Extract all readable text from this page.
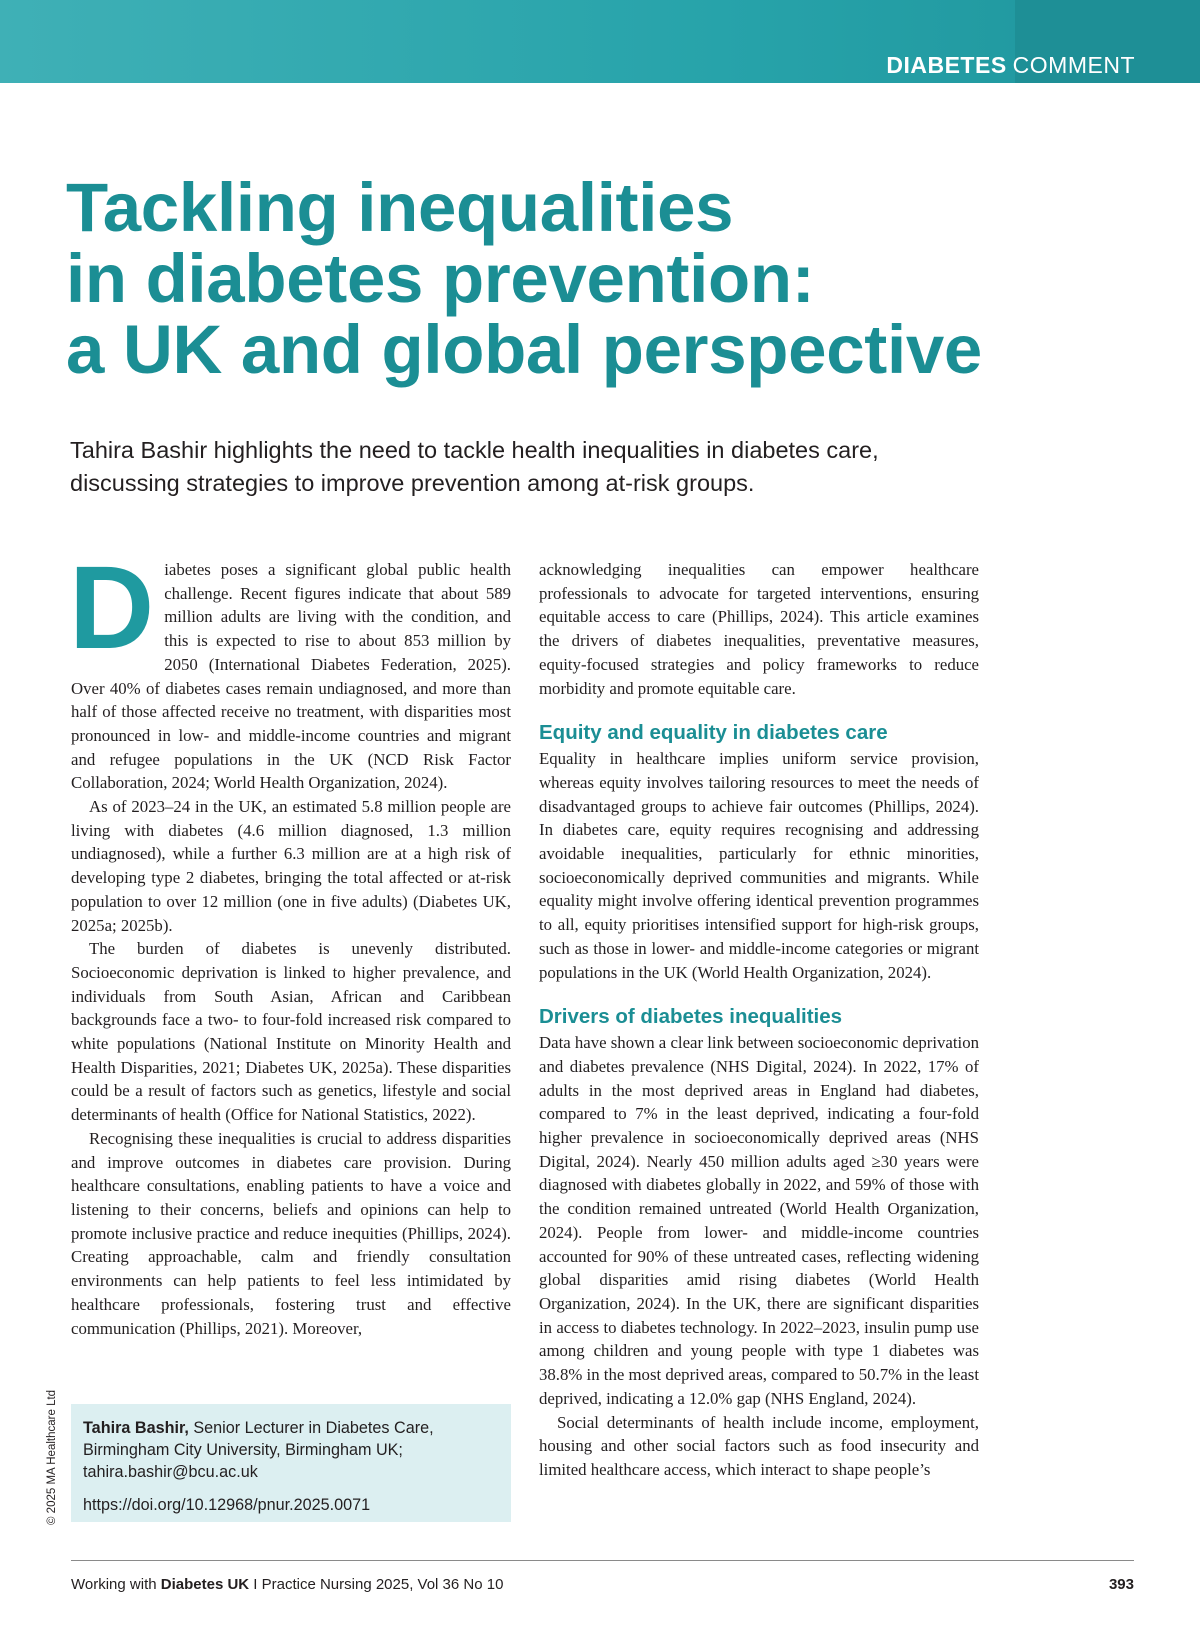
DIABETES COMMENT
Tackling inequalities
in diabetes prevention:
a UK and global perspective

Tahira Bashir highlights the need to tackle health inequalities in diabetes care, discussing strategies to improve prevention among at-risk groups.

Diabetes poses a significant global public health challenge. Recent figures indicate that about 589 million adults are living with the condition, and this is expected to rise to about 853 million by 2050 (International Diabetes Federation, 2025). Over 40% of diabetes cases remain undiagnosed, and more than half of those affected receive no treatment, with disparities most pronounced in low- and middle-income countries and migrant and refugee populations in the UK (NCD Risk Factor Collaboration, 2024; World Health Organization, 2024).

As of 2023–24 in the UK, an estimated 5.8 million people are living with diabetes (4.6 million diagnosed, 1.3 million undiagnosed), while a further 6.3 million are at a high risk of developing type 2 diabetes, bringing the total affected or at-risk population to over 12 million (one in five adults) (Diabetes UK, 2025a; 2025b).

The burden of diabetes is unevenly distributed. Socioeconomic deprivation is linked to higher prevalence, and individuals from South Asian, African and Caribbean backgrounds face a two- to four-fold increased risk compared to white populations (National Institute on Minority Health and Health Disparities, 2021; Diabetes UK, 2025a). These disparities could be a result of factors such as genetics, lifestyle and social determinants of health (Office for National Statistics, 2022).

Recognising these inequalities is crucial to address disparities and improve outcomes in diabetes care provision. During healthcare consultations, enabling patients to have a voice and listening to their concerns, beliefs and opinions can help to promote inclusive practice and reduce inequities (Phillips, 2024). Creating approachable, calm and friendly consultation environments can help patients to feel less intimidated by healthcare professionals, fostering trust and effective communication (Phillips, 2021). Moreover,

acknowledging inequalities can empower healthcare professionals to advocate for targeted interventions, ensuring equitable access to care (Phillips, 2024). This article examines the drivers of diabetes inequalities, preventative measures, equity-focused strategies and policy frameworks to reduce morbidity and promote equitable care.

Equity and equality in diabetes care

Equality in healthcare implies uniform service provision, whereas equity involves tailoring resources to meet the needs of disadvantaged groups to achieve fair outcomes (Phillips, 2024). In diabetes care, equity requires recognising and addressing avoidable inequalities, particularly for ethnic minorities, socioeconomically deprived communities and migrants. While equality might involve offering identical prevention programmes to all, equity prioritises intensified support for high-risk groups, such as those in lower- and middle-income categories or migrant populations in the UK (World Health Organization, 2024).

Drivers of diabetes inequalities

Data have shown a clear link between socioeconomic deprivation and diabetes prevalence (NHS Digital, 2024). In 2022, 17% of adults in the most deprived areas in England had diabetes, compared to 7% in the least deprived, indicating a four-fold higher prevalence in socioeconomically deprived areas (NHS Digital, 2024). Nearly 450 million adults aged ≥30 years were diagnosed with diabetes globally in 2022, and 59% of those with the condition remained untreated (World Health Organization, 2024). People from lower- and middle-income countries accounted for 90% of these untreated cases, reflecting widening global disparities amid rising diabetes (World Health Organization, 2024). In the UK, there are significant disparities in access to diabetes technology. In 2022–2023, insulin pump use among children and young people with type 1 diabetes was 38.8% in the most deprived areas, compared to 50.7% in the least deprived, indicating a 12.0% gap (NHS England, 2024).

Social determinants of health include income, employment, housing and other social factors such as food insecurity and limited healthcare access, which interact to shape people’s

Tahira Bashir, Senior Lecturer in Diabetes Care, Birmingham City University, Birmingham UK; tahira.bashir@bcu.ac.uk
https://doi.org/10.12968/pnur.2025.0071
© 2025 MA Healthcare Ltd
Working with Diabetes UK I Practice Nursing 2025, Vol 36 No 10	393
